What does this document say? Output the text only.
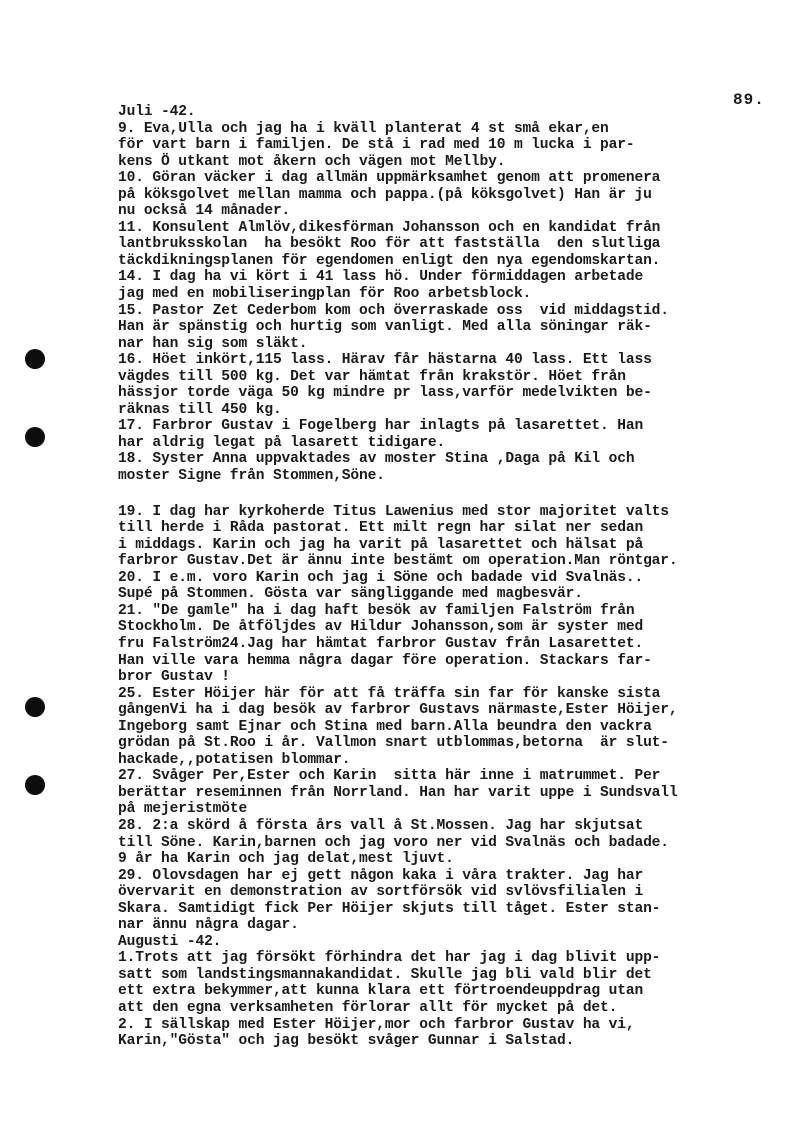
89.
Juli -42.
9. Eva,Ulla och jag ha i kväll planterat 4 st små ekar,en
för vart barn i familjen. De stå i rad med 10 m lucka i par-
kens Ö utkant mot åkern och vägen mot Mellby.
10. Göran väcker i dag allmän uppmärksamhet genom att promenera
på köksgolvet mellan mamma och pappa.(på köksgolvet) Han är ju
nu också 14 månader.
11. Konsulent Almlöv,dikesförman Johansson och en kandidat från
lantbruksskolan  ha besökt Roo för att fastställa  den slutliga
täckdikningsplanen för egendomen enligt den nya egendomskartan.
14. I dag ha vi kört i 41 lass hö. Under förmiddagen arbetade
jag med en mobiliseringplan för Roo arbetsblock.
15. Pastor Zet Cederbom kom och överraskade oss  vid middagstid.
Han är spänstig och hurtig som vanligt. Med alla söningar räk-
nar han sig som släkt.
16. Höet inkört,115 lass. Härav får hästarna 40 lass. Ett lass
vägdes till 500 kg. Det var hämtat från krakstör. Höet från
hässjor torde väga 50 kg mindre pr lass,varför medelvikten be-
räknas till 450 kg.
17. Farbror Gustav i Fogelberg har inlagts på lasarettet. Han
har aldrig legat på lasarett tidigare.
18. Syster Anna uppvaktades av moster Stina ,Daga på Kil och
moster Signe från Stommen,Söne.
19. I dag har kyrkoherde Titus Lawenius med stor majoritet valts
till herde i Råda pastorat. Ett milt regn har silat ner sedan
i middags. Karin och jag ha varit på lasarettet och hälsat på
farbror Gustav.Det är ännu inte bestämt om operation.Man röntgar.
20. I e.m. voro Karin och jag i Söne och badade vid Svalnäs..
Supé på Stommen. Gösta var sängliggande med magbesvär.
21. "De gamle" ha i dag haft besök av familjen Falström från
Stockholm. De åtföljdes av Hildur Johansson,som är syster med
fru Falström24.Jag har hämtat farbror Gustav från Lasarettet.
Han ville vara hemma några dagar före operation. Stackars far-
bror Gustav !
25. Ester Höijer här för att få träffa sin far för kanske sista
gångenVi ha i dag besök av farbror Gustavs närmaste,Ester Höijer,
Ingeborg samt Ejnar och Stina med barn.Alla beundra den vackra
grödan på St.Roo i år. Vallmon snart utblommas,betorna  är slut-
hackade,,potatisen blommar.
27. Svåger Per,Ester och Karin  sitta här inne i matrummet. Per
berättar reseminnen från Norrland. Han har varit uppe i Sundsvall
på mejeristmöte
28. 2:a skörd å första års vall å St.Mossen. Jag har skjutsat
till Söne. Karin,barnen och jag voro ner vid Svalnäs och badade.
9 år ha Karin och jag delat,mest ljuvt.
29. Olovsdagen har ej gett någon kaka i våra trakter. Jag har
övervarit en demonstration av sortförsök vid svlövsfilialen i
Skara. Samtidigt fick Per Höijer skjuts till tåget. Ester stan-
nar ännu några dagar.
Augusti -42.
1.Trots att jag försökt förhindra det har jag i dag blivit upp-
satt som landstingsmannakandidat. Skulle jag bli vald blir det
ett extra bekymmer,att kunna klara ett förtroendeuppdrag utan
att den egna verksamheten förlorar allt för mycket på det.
2. I sällskap med Ester Höijer,mor och farbror Gustav ha vi,
Karin,"Gösta" och jag besökt svåger Gunnar i Salstad.
